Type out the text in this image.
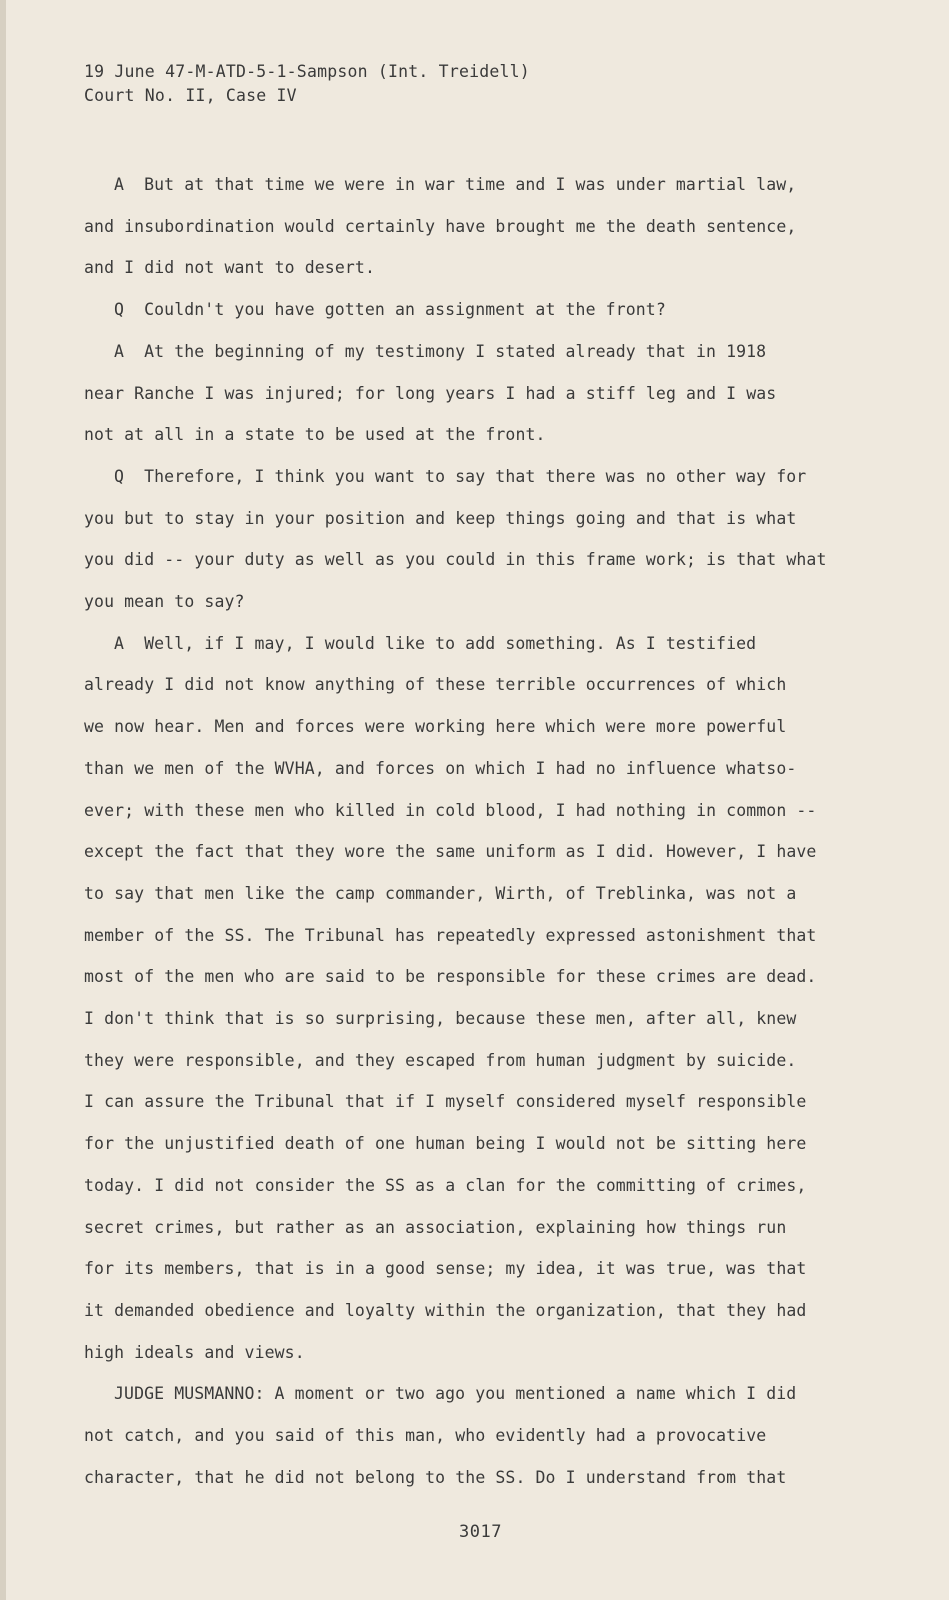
19 June 47-M-ATD-5-1-Sampson (Int. Treidell)
Court No. II, Case IV
A  But at that time we were in war time and I was under martial law,
and insubordination would certainly have brought me the death sentence,
and I did not want to desert.
Q  Couldn't you have gotten an assignment at the front?
A  At the beginning of my testimony I stated already that in 1918
near Ranche I was injured; for long years I had a stiff leg and I was
not at all in a state to be used at the front.
Q  Therefore, I think you want to say that there was no other way for
you but to stay in your position and keep things going and that is what
you did -- your duty as well as you could in this frame work; is that what
you mean to say?
A  Well, if I may, I would like to add something. As I testified
already I did not know anything of these terrible occurrences of which
we now hear. Men and forces were working here which were more powerful
than we men of the WVHA, and forces on which I had no influence whatso-
ever; with these men who killed in cold blood, I had nothing in common --
except the fact that they wore the same uniform as I did. However, I have
to say that men like the camp commander, Wirth, of Treblinka, was not a
member of the SS. The Tribunal has repeatedly expressed astonishment that
most of the men who are said to be responsible for these crimes are dead.
I don't think that is so surprising, because these men, after all, knew
they were responsible, and they escaped from human judgment by suicide.
I can assure the Tribunal that if I myself considered myself responsible
for the unjustified death of one human being I would not be sitting here
today. I did not consider the SS as a clan for the committing of crimes,
secret crimes, but rather as an association, explaining how things run
for its members, that is in a good sense; my idea, it was true, was that
it demanded obedience and loyalty within the organization, that they had
high ideals and views.
JUDGE MUSMANNO: A moment or two ago you mentioned a name which I did
not catch, and you said of this man, who evidently had a provocative
character, that he did not belong to the SS. Do I understand from that
3017
